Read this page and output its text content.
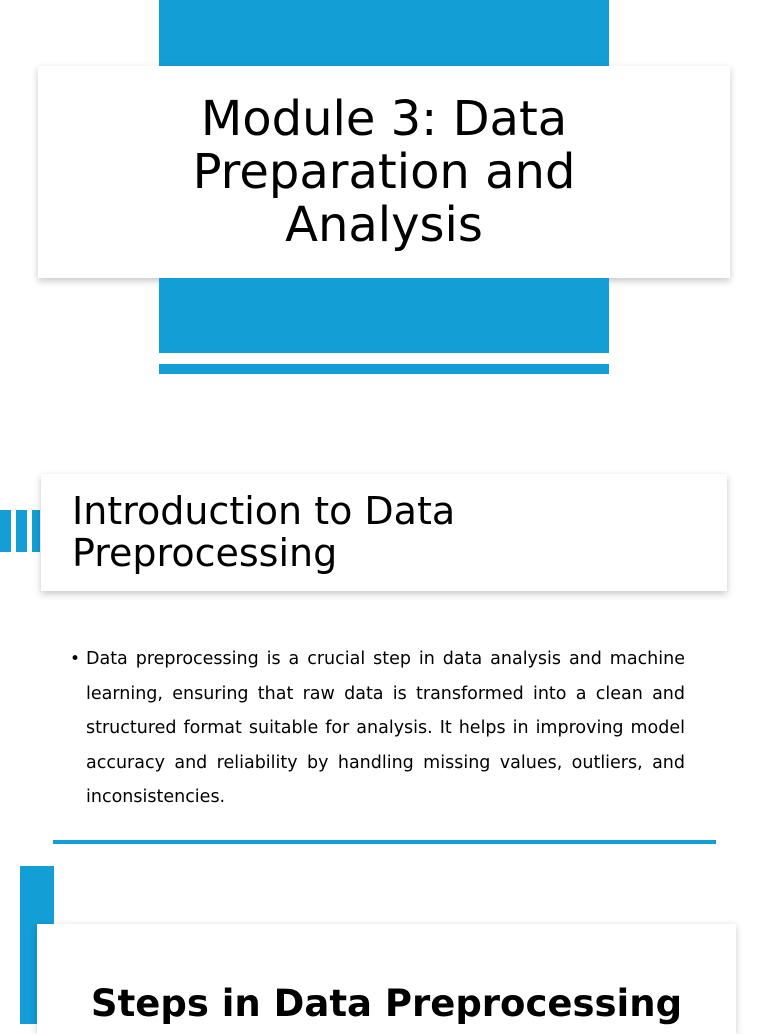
Module 3: Data Preparation and Analysis
Introduction to Data Preprocessing
• Data preprocessing is a crucial step in data analysis and machine learning, ensuring that raw data is transformed into a clean and structured format suitable for analysis. It helps in improving model accuracy and reliability by handling missing values, outliers, and inconsistencies.
Steps in Data Preprocessing
